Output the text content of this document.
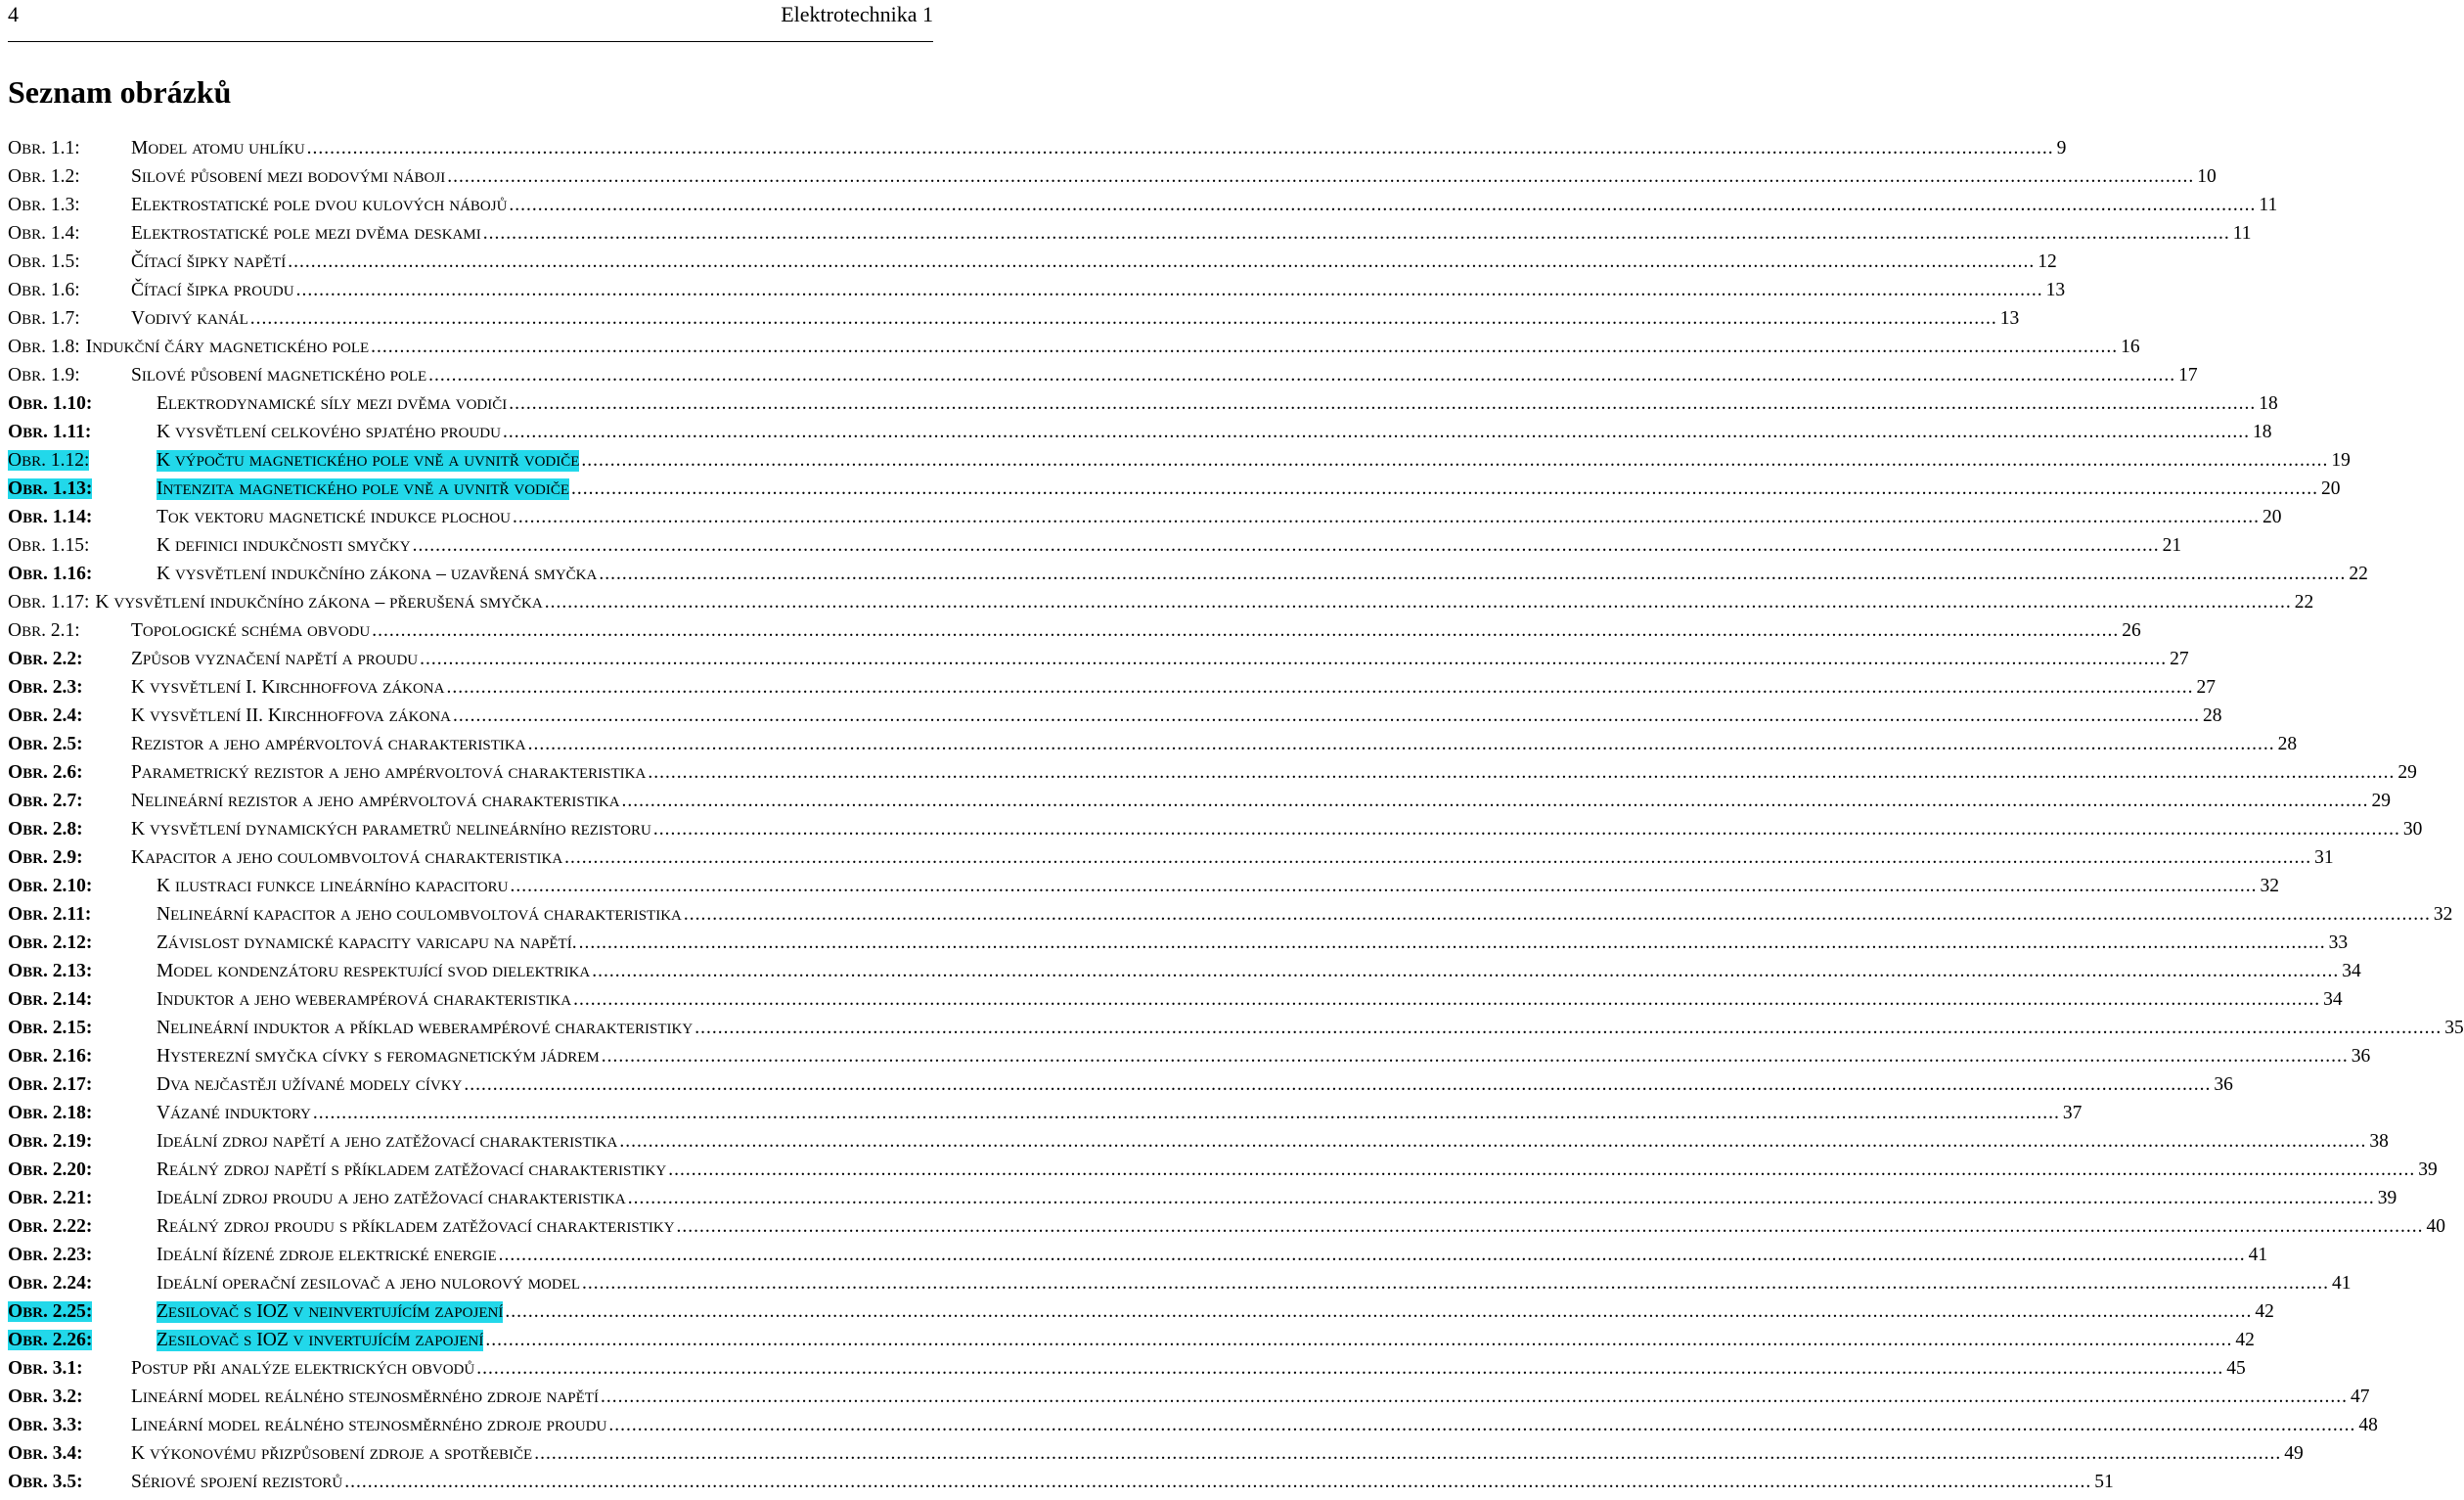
4	Elektrotechnika 1
Seznam obrázků
OBR. 1.1:	MODEL ATOMU UHLÍKU .....	9
OBR. 1.2:	SILOVÉ PŮSOBENÍ MEZI BODOVÝMI NÁBOJI .....	10
OBR. 1.3:	ELEKTROSTATICKÉ POLE DVOU KULOVÝCH NÁBOJŮ .....	11
OBR. 1.4:	ELEKTROSTATICKÉ POLE MEZI DVĚMA DESKAMI .....	11
OBR. 1.5:	ČÍTACÍ ŠIPKY NAPĚTÍ .....	12
OBR. 1.6:	ČÍTACÍ ŠIPKA PROUDU .....	13
OBR. 1.7:	VODIVÝ KANÁL .....	13
OBR. 1.8: INDUKČNÍ ČÁRY MAGNETICKÉHO POLE .....	16
OBR. 1.9:	SILOVÉ PŮSOBENÍ MAGNETICKÉHO POLE .....	17
OBR. 1.10:	ELEKTRODYNAMICKÉ SÍLY MEZI DVĚMA VODIČI .....	18
OBR. 1.11:	K VYSVĚTLENÍ CELKOVÉHO SPJATÉHO PROUDU .....	18
OBR. 1.12:	K VÝPOČTU MAGNETICKÉHO POLE VNĚ A UVNITŘ VODIČE .....	19
OBR. 1.13:	INTENZITA MAGNETICKÉHO POLE VNĚ A UVNITŘ VODIČE .....	20
OBR. 1.14:	TOK VEKTORU MAGNETICKÉ INDUKCE PLOCHOU .....	20
OBR. 1.15:	K DEFINICI INDUKČNOSTI SMYČKY .....	21
OBR. 1.16:	K VYSVĚTLENÍ INDUKČNÍHO ZÁKONA – UZAVŘENÁ SMYČKA .....	22
OBR. 1.17: K VYSVĚTLENÍ INDUKČNÍHO ZÁKONA – PŘERUŠENÁ SMYČKA .....	22
OBR. 2.1:	TOPOLOGICKÉ SCHÉMA OBVODU .....	26
OBR. 2.2:	ZPŮSOB VYZNAČENÍ NAPĚTÍ A PROUDU .....	27
OBR. 2.3:	K VYSVĚTLENÍ I. KIRCHHOFFOVA ZÁKONA .....	27
OBR. 2.4:	K VYSVĚTLENÍ II. KIRCHHOFFOVA ZÁKONA .....	28
OBR. 2.5:	REZISTOR A JEHO AMPÉRVOLTOVÁ CHARAKTERISTIKA .....	28
OBR. 2.6:	PARAMETRICKÝ REZISTOR A JEHO AMPÉRVOLTOVÁ CHARAKTERISTIKA .....	29
OBR. 2.7:	NELINEÁRNÍ REZISTOR A JEHO AMPÉRVOLTOVÁ CHARAKTERISTIKA .....	29
OBR. 2.8:	K VYSVĚTLENÍ DYNAMICKÝCH PARAMETRŮ NELINEÁRNÍHO REZISTORU .....	30
OBR. 2.9:	KAPACITOR A JEHO COULOMBVOLTOVÁ CHARAKTERISTIKA .....	31
OBR. 2.10:	K ILUSTRACI FUNKCE LINEÁRNÍHO KAPACITORU .....	32
OBR. 2.11:	NELINEÁRNÍ KAPACITOR A JEHO COULOMBVOLTOVÁ CHARAKTERISTIKA .....	32
OBR. 2.12:	ZÁVISLOST DYNAMICKÉ KAPACITY VARICAPU NA NAPĚTÍ. .....	33
OBR. 2.13:	MODEL KONDENZÁTORU RESPEKTUJÍCÍ SVOD DIELEKTRIKA .....	34
OBR. 2.14:	INDUKTOR A JEHO WEBERAMPÉROVÁ CHARAKTERISTIKA .....	34
OBR. 2.15:	NELINEÁRNÍ INDUKTOR A PŘÍKLAD WEBERAMPÉROVÉ CHARAKTERISTIKY .....	35
OBR. 2.16:	HYSTEREZNÍ SMYČKA CÍVKY S FEROMAGNETICKÝM JÁDREM .....	36
OBR. 2.17:	DVA NEJČASTĚJI UŽÍVANÉ MODELY CÍVKY .....	36
OBR. 2.18:	VÁZANÉ INDUKTORY .....	37
OBR. 2.19:	IDEÁLNÍ ZDROJ NAPĚTÍ A JEHO ZATĚŽOVACÍ CHARAKTERISTIKA .....	38
OBR. 2.20:	REÁLNÝ ZDROJ NAPĚTÍ S PŘÍKLADEM ZATĚŽOVACÍ CHARAKTERISTIKY .....	39
OBR. 2.21:	IDEÁLNÍ ZDROJ PROUDU A JEHO ZATĚŽOVACÍ CHARAKTERISTIKA .....	39
OBR. 2.22:	REÁLNÝ ZDROJ PROUDU S PŘÍKLADEM ZATĚŽOVACÍ CHARAKTERISTIKY .....	40
OBR. 2.23:	IDEÁLNÍ ŘÍZENÉ ZDROJE ELEKTRICKÉ ENERGIE .....	41
OBR. 2.24:	IDEÁLNÍ OPERAČNÍ ZESILOVAČ A JEHO NULOROVÝ MODEL .....	41
OBR. 2.25:	ZESILOVAČ S IOZ V NEINVERTUJÍCÍM ZAPOJENÍ .....	42
OBR. 2.26:	ZESILOVAČ S IOZ V INVERTUJÍCÍM ZAPOJENÍ .....	42
OBR. 3.1:	POSTUP PŘI ANALÝZE ELEKTRICKÝCH OBVODŮ .....	45
OBR. 3.2:	LINEÁRNÍ MODEL REÁLNÉHO STEJNOSMĚRNÉHO ZDROJE NAPĚTÍ .....	47
OBR. 3.3:	LINEÁRNÍ MODEL REÁLNÉHO STEJNOSMĚRNÉHO ZDROJE PROUDU .....	48
OBR. 3.4:	K VÝKONOVÉMU PŘIZPŮSOBENÍ ZDROJE A SPOTŘEBIČE .....	49
OBR. 3.5:	SÉRIOVÉ SPOJENÍ REZISTORŮ .....	51
